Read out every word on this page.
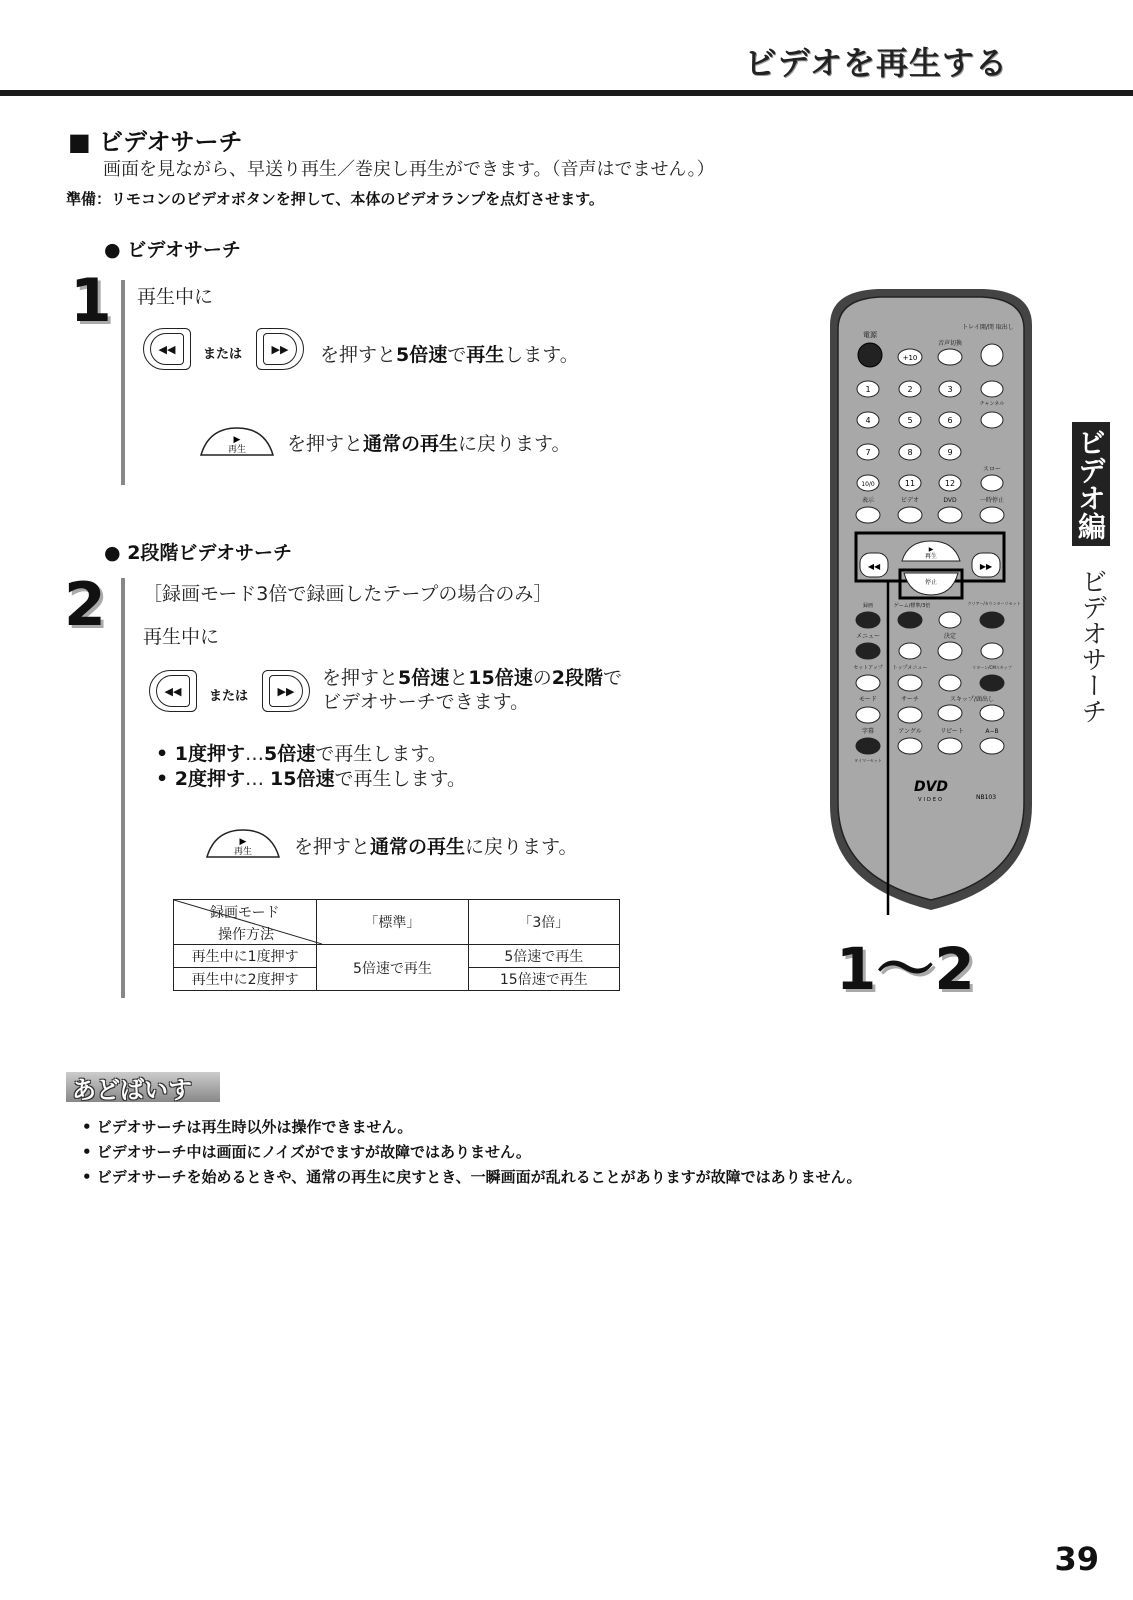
ビデオを再生する
■ ビデオサーチ
画面を見ながら、早送り再生／巻戻し再生ができます。（音声はでません。）
準備：リモコンのビデオボタンを押して、本体のビデオランプを点灯させます。
● ビデオサーチ
1 再生中に
◀◀	または	▶▶	を押すと5倍速で再生します。
▶
再生 を押すと通常の再生に戻ります。
● 2段階ビデオサーチ
2 ［録画モード3倍で録画したテープの場合のみ］
再生中に
◀◀	または	▶▶
を押すと5倍速と15倍速の2段階で
ビデオサーチできます。
• 1度押す…5倍速で再生します。
• 2度押す… 15倍速で再生します。
▶
再生 を押すと通常の再生に戻ります。
録画モード
操作方法	「標準」	「3倍」
再生中に1度押す	5倍速で再生	5倍速で再生
再生中に2度押す		15倍速で再生
電源
トレイ開/閉 取出し
音声切換
チャンネル
スロー
表示	ビデオ	DVD	一時停止
録画	ゲーム/標準/3倍	クリアー/カウンターリセット
メニュー	決定
セットアップ トップメニュー	リターン/CMスキップ
モード	サーチ	スキップ/頭出し
字幕	アングル	リピート	A−B
タイマーセット
+10
1	2	3
4	5	6
7	8	9
10/0	11	12
▶
再生
◀◀	▶▶
停止
DVD
VIDEO	NB103
1～2
ビデオ編
ビデオサーチ
あどばいす
• ビデオサーチは再生時以外は操作できません。
• ビデオサーチ中は画面にノイズがでますが故障ではありません。
• ビデオサーチを始めるときや、通常の再生に戻すとき、一瞬画面が乱れることがありますが故障ではありません。
39
